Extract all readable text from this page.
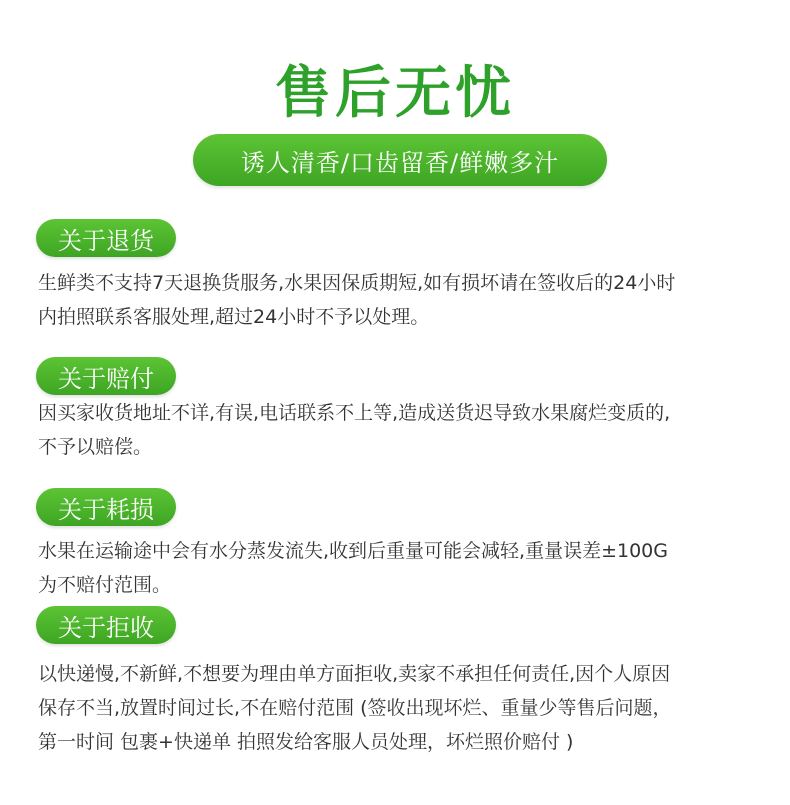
售后无忧
诱人清香/口齿留香/鲜嫩多汁
关于退货

生鲜类不支持7天退换货服务,水果因保质期短,如有损坏请在签收后的24小时
内拍照联系客服处理,超过24小时不予以处理。

关于赔付

因买家收货地址不详,有误,电话联系不上等,造成送货迟导致水果腐烂变质的,
不予以赔偿。

关于耗损

水果在运输途中会有水分蒸发流失,收到后重量可能会减轻,重量误差±100G
为不赔付范围。

关于拒收

以快递慢,不新鲜,不想要为理由单方面拒收,卖家不承担任何责任,因个人原因
保存不当,放置时间过长,不在赔付范围 (签收出现坏烂、重量少等售后问题，
第一时间 包裹+快递单 拍照发给客服人员处理，坏烂照价赔付 )
